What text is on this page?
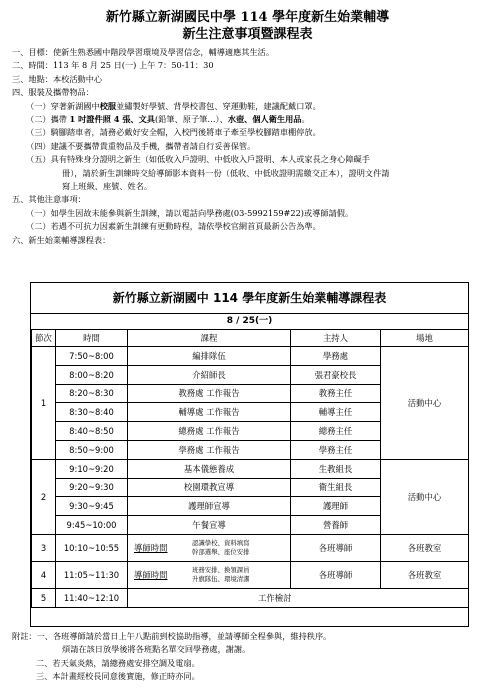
新竹縣立新湖國民中學 114 學年度新生始業輔導
新生注意事項暨課程表
一、目標：使新生熟悉國中階段學習環境及學習信念，輔導適應其生活。
二、時間：113 年 8 月 25 日(一) 上午 7：50-11：30
三、地點：本校活動中心
四、服裝及攜帶物品：
（一）穿著新湖國中校服並繡製好學號、背學校書包、穿運動鞋，建議配戴口罩。
（二）攜帶 1 吋證件照 4 張、文具(鉛筆、原子筆…）、水壺、個人衛生用品。
（三）騎腳踏車者，請務必戴好安全帽，入校門後將車子牽至學校腳踏車棚停放。
（四）建議不要攜帶貴重物品及手機，攜帶者請自行妥善保管。
（五）具有特殊身分證明之新生（如低收入戶證明、中低收入戶證明、本人或家長之身心障礙手
冊），請於新生訓練時交給導師影本資料一份（低收、中低收證明需繳交正本），證明文件請
寫上班級、座號、姓名。
五、其他注意事項：
（一）如學生因故未能參與新生訓練，請以電話向學務處(03-5992159#22)或導師請假。
（二）若遇不可抗力因素新生訓練有更動時程，請依學校官網首頁最新公告為準。
六、新生始業輔導課程表：
新竹縣立新湖國中 114 學年度新生始業輔導課程表
8 / 25(一)
節次	時間	課程	主持人	場地
1	7:50~8:00	編排隊伍	學務處	活動中心
	8:00~8:20	介紹師長	張君豪校長	
	8:20~8:30	教務處 工作報告	教務主任	
	8:30~8:40	輔導處 工作報告	輔導主任	
	8:40~8:50	總務處 工作報告	總務主任	
	8:50~9:00	學務處 工作報告	學務主任	
2	9:10~9:20	基本儀態養成	生教組長	活動中心
	9:20~9:30	校園環教宣導	衛生組長	
	9:30~9:45	護理師宣導	護理師	
	9:45~10:00	午餐宣導	營養師	
3	10:10~10:55	導師時間 認識學校、資料填寫
幹部選舉、座位安排	各班導師	各班教室
4	11:05~11:30	導師時間 班務安排、換領課員
升旗隊伍、環境清潔	各班導師	各班教室
5	11:40~12:10	工作檢討		
附註：一、各班導師請於當日上午八點前到校協助指導，並請導師全程參與，維持秩序。
煩請在該日放學後將各班點名單交回學務處，謝謝。
二、若天氣炎熱，請總務處安排空調及電扇。
三、本計畫經校長同意後實施，修正時亦同。
